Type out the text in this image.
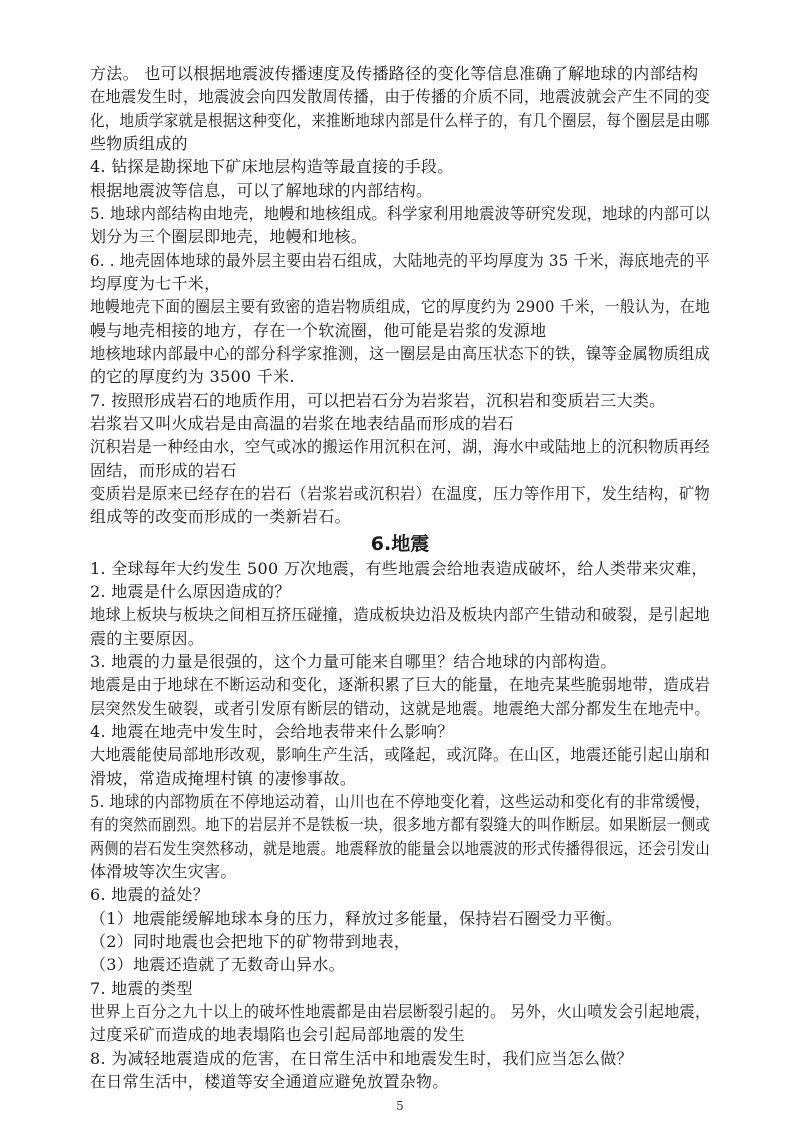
方法。 也可以根据地震波传播速度及传播路径的变化等信息准确了解地球的内部结构
在地震发生时，地震波会向四发散周传播，由于传播的介质不同，地震波就会产生不同的变
化，地质学家就是根据这种变化，来推断地球内部是什么样子的，有几个圈层，每个圈层是由哪
些物质组成的
4. 钻探是勘探地下矿床地层构造等最直接的手段。
根据地震波等信息，可以了解地球的内部结构。
5. 地球内部结构由地壳，地幔和地核组成。科学家利用地震波等研究发现，地球的内部可以
划分为三个圈层即地壳，地幔和地核。
6. . 地壳固体地球的最外层主要由岩石组成，大陆地壳的平均厚度为 35 千米，海底地壳的平
均厚度为七千米，
地幔地壳下面的圈层主要有致密的造岩物质组成，它的厚度约为 2900 千米，一般认为，在地
幔与地壳相接的地方，存在一个软流圈，他可能是岩浆的发源地
地核地球内部最中心的部分科学家推测，这一圈层是由高压状态下的铁，镍等金属物质组成
的它的厚度约为 3500 千米.
7. 按照形成岩石的地质作用，可以把岩石分为岩浆岩，沉积岩和变质岩三大类。
岩浆岩又叫火成岩是由高温的岩浆在地表结晶而形成的岩石
沉积岩是一种经由水，空气或冰的搬运作用沉积在河，湖，海水中或陆地上的沉积物质再经
固结，而形成的岩石
变质岩是原来已经存在的岩石（岩浆岩或沉积岩）在温度，压力等作用下，发生结构，矿物
组成等的改变而形成的一类新岩石。
6.地震
1. 全球每年大约发生 500 万次地震，有些地震会给地表造成破坏，给人类带来灾难，
2. 地震是什么原因造成的？
地球上板块与板块之间相互挤压碰撞，造成板块边沿及板块内部产生错动和破裂，是引起地
震的主要原因。
3. 地震的力量是很强的，这个力量可能来自哪里？结合地球的内部构造。
地震是由于地球在不断运动和变化，逐渐积累了巨大的能量，在地壳某些脆弱地带，造成岩
层突然发生破裂，或者引发原有断层的错动，这就是地震。地震绝大部分都发生在地壳中。
4. 地震在地壳中发生时，会给地表带来什么影响？
大地震能使局部地形改观，影响生产生活，或隆起，或沉降。在山区，地震还能引起山崩和
滑坡，常造成掩埋村镇 的凄惨事故。
5. 地球的内部物质在不停地运动着，山川也在不停地变化着，这些运动和变化有的非常缓慢，
有的突然而剧烈。地下的岩层并不是铁板一块，很多地方都有裂缝大的叫作断层。如果断层一侧或
两侧的岩石发生突然移动，就是地震。地震释放的能量会以地震波的形式传播得很远，还会引发山
体滑坡等次生灾害。
6. 地震的益处？
（1）地震能缓解地球本身的压力，释放过多能量，保持岩石圈受力平衡。
（2）同时地震也会把地下的矿物带到地表，
（3）地震还造就了无数奇山异水。
7. 地震的类型
世界上百分之九十以上的破坏性地震都是由岩层断裂引起的。 另外，火山喷发会引起地震，
过度采矿而造成的地表塌陷也会引起局部地震的发生
8. 为减轻地震造成的危害，在日常生活中和地震发生时，我们应当怎么做？
在日常生活中，楼道等安全通道应避免放置杂物。
5
